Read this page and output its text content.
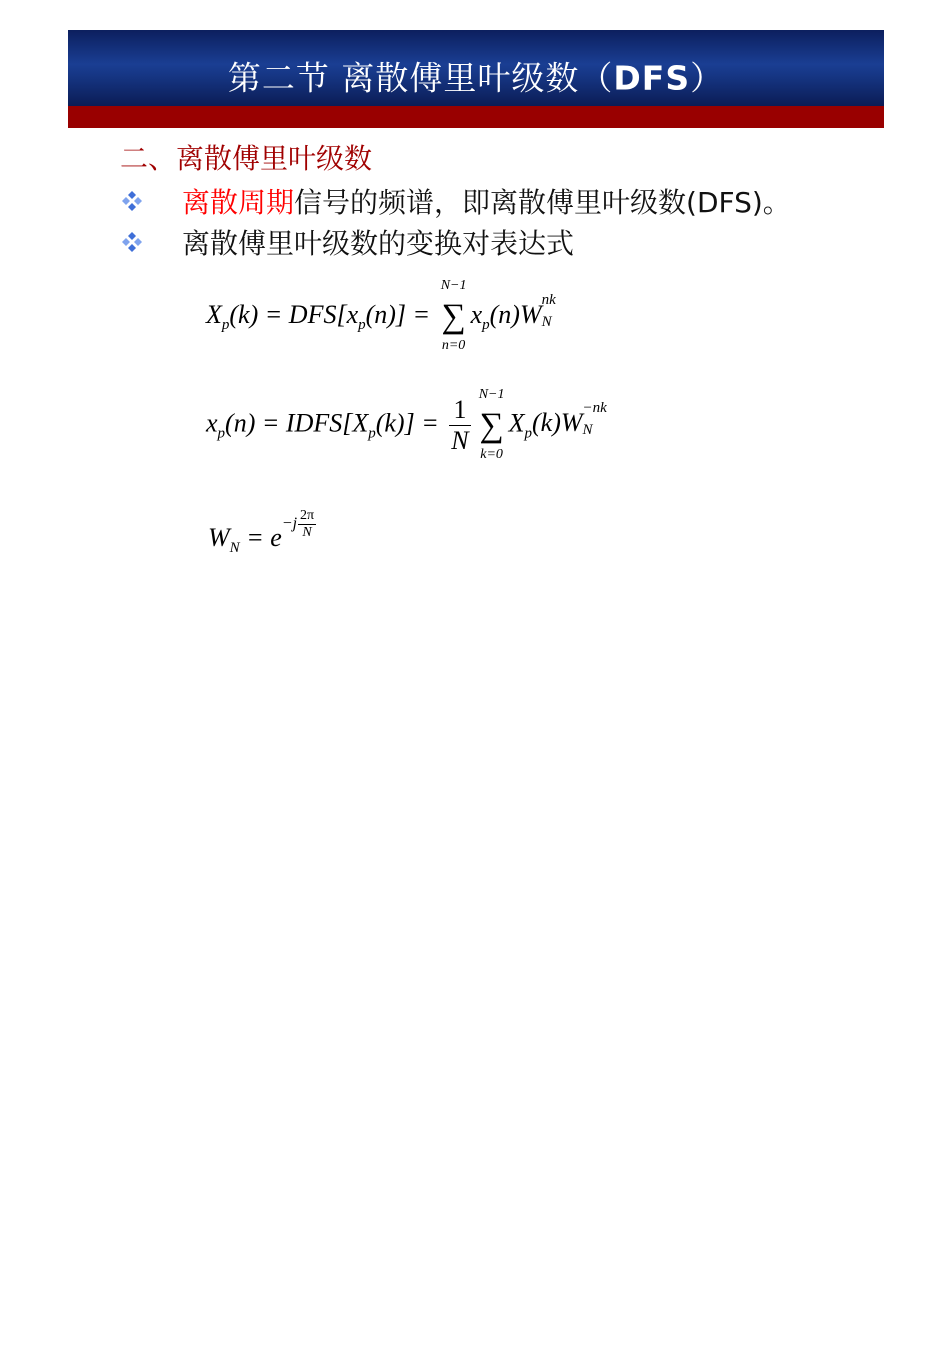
第二节 离散傅里叶级数（DFS）
二、离散傅里叶级数
离散周期信号的频谱，即离散傅里叶级数(DFS)。
离散傅里叶级数的变换对表达式
$X_p(k) = DFS[x_p(n)]$ =
N−1
∑
n=0
$x_p(n)W$ nk
N
$x_p(n)$ = $IDFS[X_p(k)] = \frac{1}{N}$
N−1
∑
k=0
$X_p(k)W -nk$
N
$W_N = e-j \frac{2\pi}{N}$
